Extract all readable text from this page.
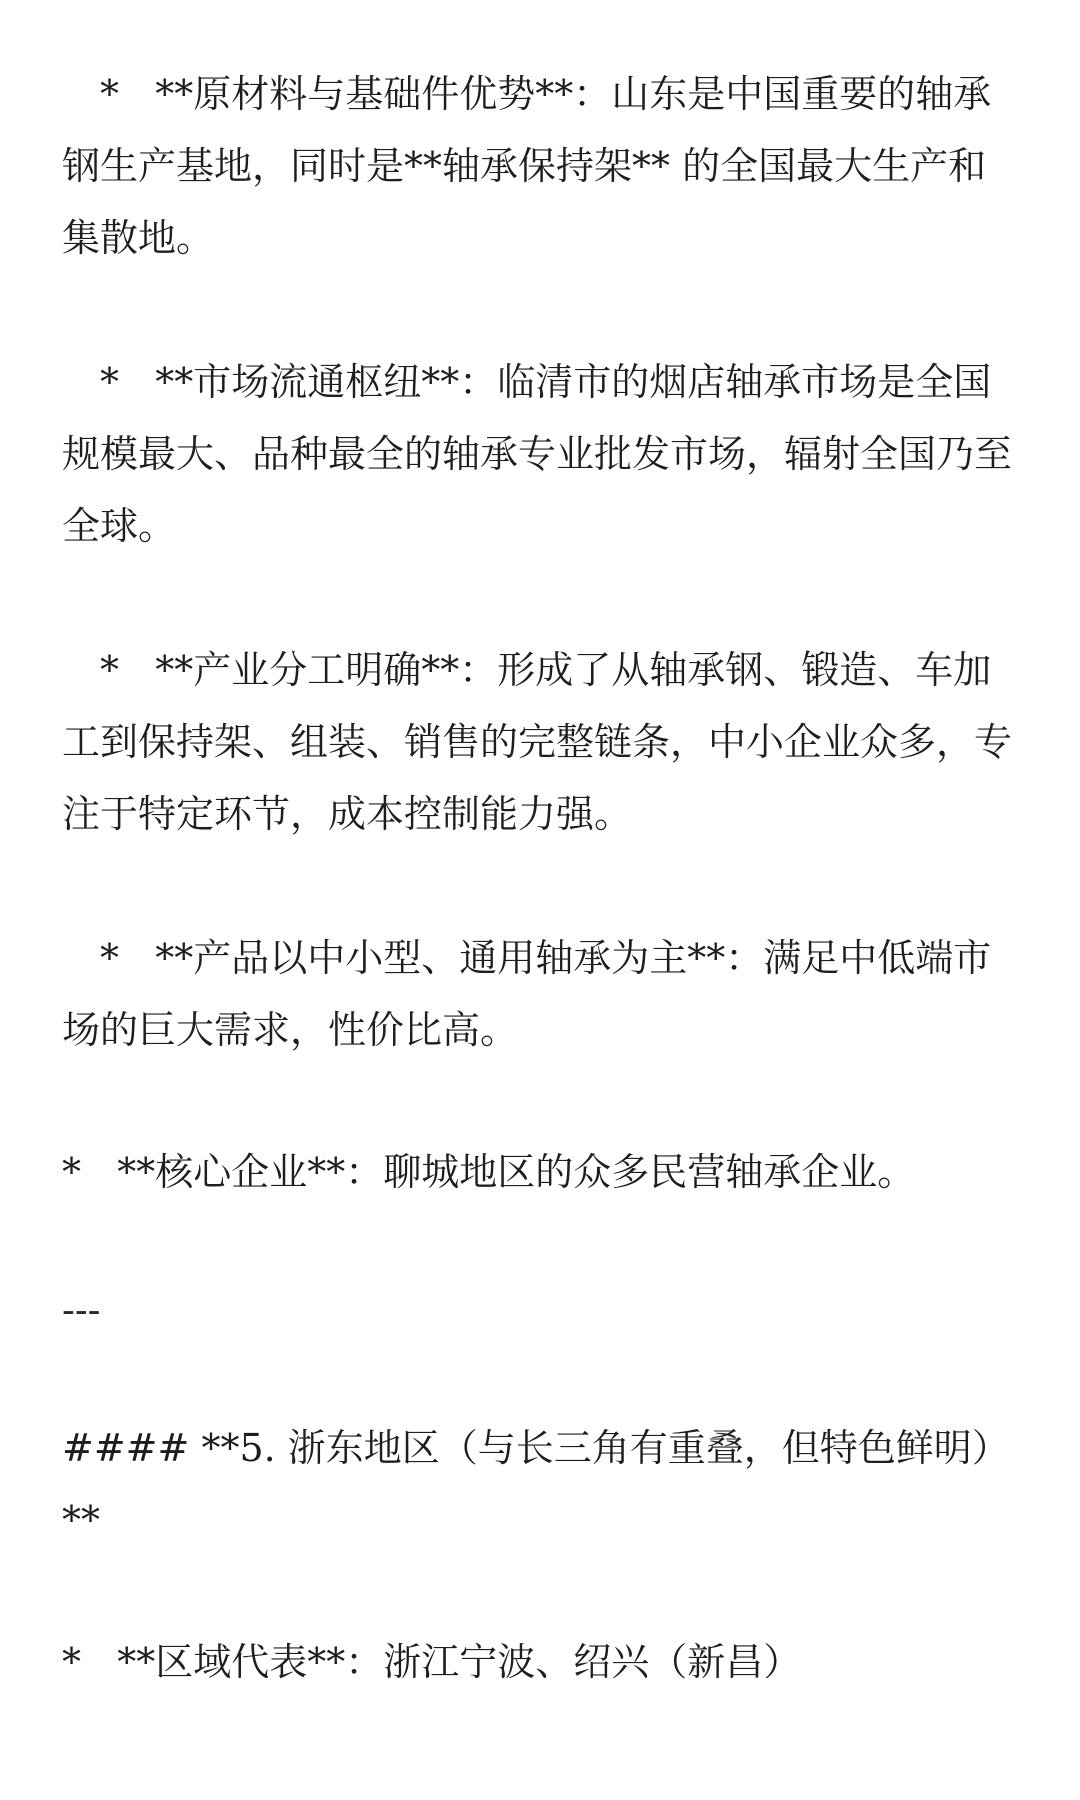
*   **原材料与基础件优势**：山东是中国重要的轴承钢生产基地，同时是**轴承保持架** 的全国最大生产和集散地。

*   **市场流通枢纽**：临清市的烟店轴承市场是全国规模最大、品种最全的轴承专业批发市场，辐射全国乃至全球。

*   **产业分工明确**：形成了从轴承钢、锻造、车加工到保持架、组装、销售的完整链条，中小企业众多，专注于特定环节，成本控制能力强。

*   **产品以中小型、通用轴承为主**：满足中低端市场的巨大需求，性价比高。

*   **核心企业**：聊城地区的众多民营轴承企业。

---
#### **5. 浙东地区（与长三角有重叠，但特色鲜明）**

*   **区域代表**：浙江宁波、绍兴（新昌）
